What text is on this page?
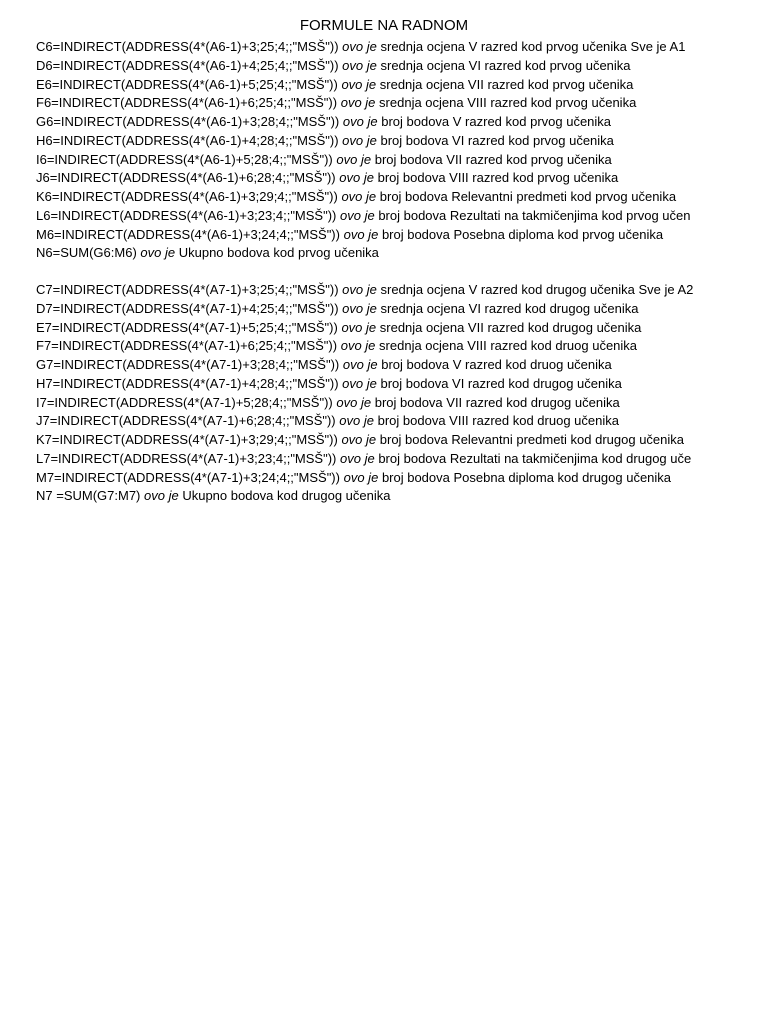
FORMULE NA RADNOM
C6=INDIRECT(ADDRESS(4*(A6-1)+3;25;4;;"MSŠ")) ovo je srednja ocjena V razred kod prvog učenika Sve je A1
D6=INDIRECT(ADDRESS(4*(A6-1)+4;25;4;;"MSŠ")) ovo je srednja ocjena VI razred kod prvog učenika
E6=INDIRECT(ADDRESS(4*(A6-1)+5;25;4;;"MSŠ")) ovo je srednja ocjena VII razred kod prvog učenika
F6=INDIRECT(ADDRESS(4*(A6-1)+6;25;4;;"MSŠ")) ovo je srednja ocjena VIII razred kod prvog učenika
G6=INDIRECT(ADDRESS(4*(A6-1)+3;28;4;;"MSŠ")) ovo je broj bodova V razred kod prvog učenika
H6=INDIRECT(ADDRESS(4*(A6-1)+4;28;4;;"MSŠ")) ovo je broj bodova VI razred kod prvog učenika
I6=INDIRECT(ADDRESS(4*(A6-1)+5;28;4;;"MSŠ")) ovo je broj bodova VII razred kod prvog učenika
J6=INDIRECT(ADDRESS(4*(A6-1)+6;28;4;;"MSŠ")) ovo je broj bodova VIII razred kod prvog učenika
K6=INDIRECT(ADDRESS(4*(A6-1)+3;29;4;;"MSŠ")) ovo je broj bodova Relevantni predmeti kod prvog učenika
L6=INDIRECT(ADDRESS(4*(A6-1)+3;23;4;;"MSŠ")) ovo je broj bodova Rezultati na takmičenjima kod prvog učen
M6=INDIRECT(ADDRESS(4*(A6-1)+3;24;4;;"MSŠ")) ovo je broj bodova Posebna diploma kod prvog učenika
N6=SUM(G6:M6) ovo je Ukupno bodova kod prvog učenika
C7=INDIRECT(ADDRESS(4*(A7-1)+3;25;4;;"MSŠ")) ovo je srednja ocjena V razred kod drugog učenika Sve je A2
D7=INDIRECT(ADDRESS(4*(A7-1)+4;25;4;;"MSŠ")) ovo je srednja ocjena VI razred kod drugog učenika
E7=INDIRECT(ADDRESS(4*(A7-1)+5;25;4;;"MSŠ")) ovo je srednja ocjena VII razred kod drugog učenika
F7=INDIRECT(ADDRESS(4*(A7-1)+6;25;4;;"MSŠ")) ovo je srednja ocjena VIII razred kod druog učenika
G7=INDIRECT(ADDRESS(4*(A7-1)+3;28;4;;"MSŠ")) ovo je broj bodova V razred kod druog učenika
H7=INDIRECT(ADDRESS(4*(A7-1)+4;28;4;;"MSŠ")) ovo je broj bodova VI razred kod drugog učenika
I7=INDIRECT(ADDRESS(4*(A7-1)+5;28;4;;"MSŠ")) ovo je broj bodova VII razred kod drugog učenika
J7=INDIRECT(ADDRESS(4*(A7-1)+6;28;4;;"MSŠ")) ovo je broj bodova VIII razred kod druog učenika
K7=INDIRECT(ADDRESS(4*(A7-1)+3;29;4;;"MSŠ")) ovo je broj bodova Relevantni predmeti kod drugog učenika
L7=INDIRECT(ADDRESS(4*(A7-1)+3;23;4;;"MSŠ")) ovo je broj bodova Rezultati na takmičenjima kod drugog uče
M7=INDIRECT(ADDRESS(4*(A7-1)+3;24;4;;"MSŠ")) ovo je broj bodova Posebna diploma kod drugog učenika
N7 =SUM(G7:M7) ovo je Ukupno bodova kod drugog učenika
